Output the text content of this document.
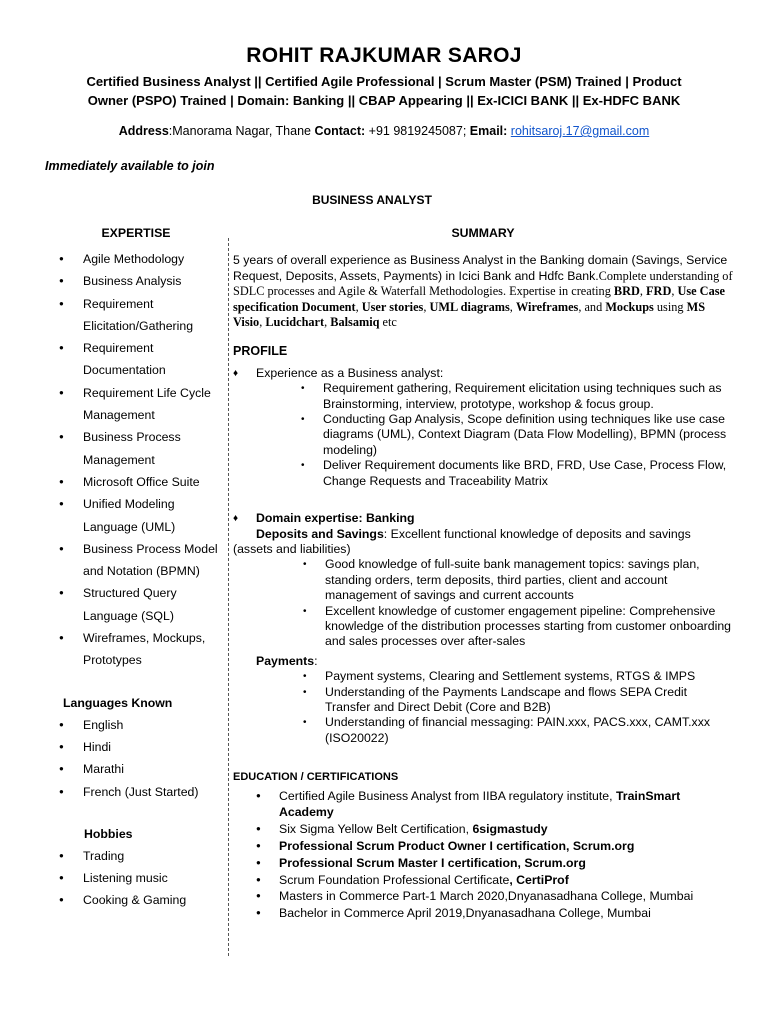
ROHIT RAJKUMAR SAROJ
Certified Business Analyst || Certified Agile Professional | Scrum Master (PSM) Trained | Product
Owner (PSPO) Trained | Domain: Banking || CBAP Appearing || Ex-ICICI BANK || Ex-HDFC BANK
Address:Manorama Nagar, Thane Contact: +91 9819245087; Email: rohitsaroj.17@gmail.com
Immediately available to join
BUSINESS ANALYST
EXPERTISE
● Agile Methodology
● Business Analysis
● Requirement Elicitation/Gathering
● Requirement Documentation
● Requirement Life Cycle Management
● Business Process Management
● Microsoft Office Suite
● Unified Modeling Language (UML)
● Business Process Model and Notation (BPMN)
● Structured Query Language (SQL)
● Wireframes, Mockups, Prototypes
Languages Known
● English
● Hindi
● Marathi
● French (Just Started)
Hobbies
● Trading
● Listening music
● Cooking & Gaming
SUMMARY

5 years of overall experience as Business Analyst in the Banking domain (Savings, Service Request, Deposits, Assets, Payments) in Icici Bank and Hdfc Bank.Complete understanding of SDLC processes and Agile & Waterfall Methodologies. Expertise in creating BRD, FRD, Use Case specification Document, User stories, UML diagrams, Wireframes, and Mockups using MS Visio, Lucidchart, Balsamiq etc

PROFILE
♦ Experience as a Business analyst:
• Requirement gathering, Requirement elicitation using techniques such as Brainstorming, interview, prototype, workshop & focus group.
• Conducting Gap Analysis, Scope definition using techniques like use case diagrams (UML), Context Diagram (Data Flow Modelling), BPMN (process modeling)
• Deliver Requirement documents like BRD, FRD, Use Case, Process Flow, Change Requests and Traceability Matrix
♦ Domain expertise: Banking
Deposits and Savings: Excellent functional knowledge of deposits and savings (assets and liabilities)
• Good knowledge of full-suite bank management topics: savings plan, standing orders, term deposits, third parties, client and account management of savings and current accounts
• Excellent knowledge of customer engagement pipeline: Comprehensive knowledge of the distribution processes starting from customer onboarding and sales processes over after-sales
Payments:
• Payment systems, Clearing and Settlement systems, RTGS & IMPS
• Understanding of the Payments Landscape and flows SEPA Credit Transfer and Direct Debit (Core and B2B)
• Understanding of financial messaging: PAIN.xxx, PACS.xxx, CAMT.xxx (ISO20022)
EDUCATION / CERTIFICATIONS
● Certified Agile Business Analyst from IIBA regulatory institute, TrainSmart Academy
● Six Sigma Yellow Belt Certification, 6sigmastudy
● Professional Scrum Product Owner I certification, Scrum.org
● Professional Scrum Master I certification, Scrum.org
● Scrum Foundation Professional Certificate, CertiProf
● Masters in Commerce Part-1 March 2020,Dnyanasadhana College, Mumbai
● Bachelor in Commerce April 2019,Dnyanasadhana College, Mumbai
